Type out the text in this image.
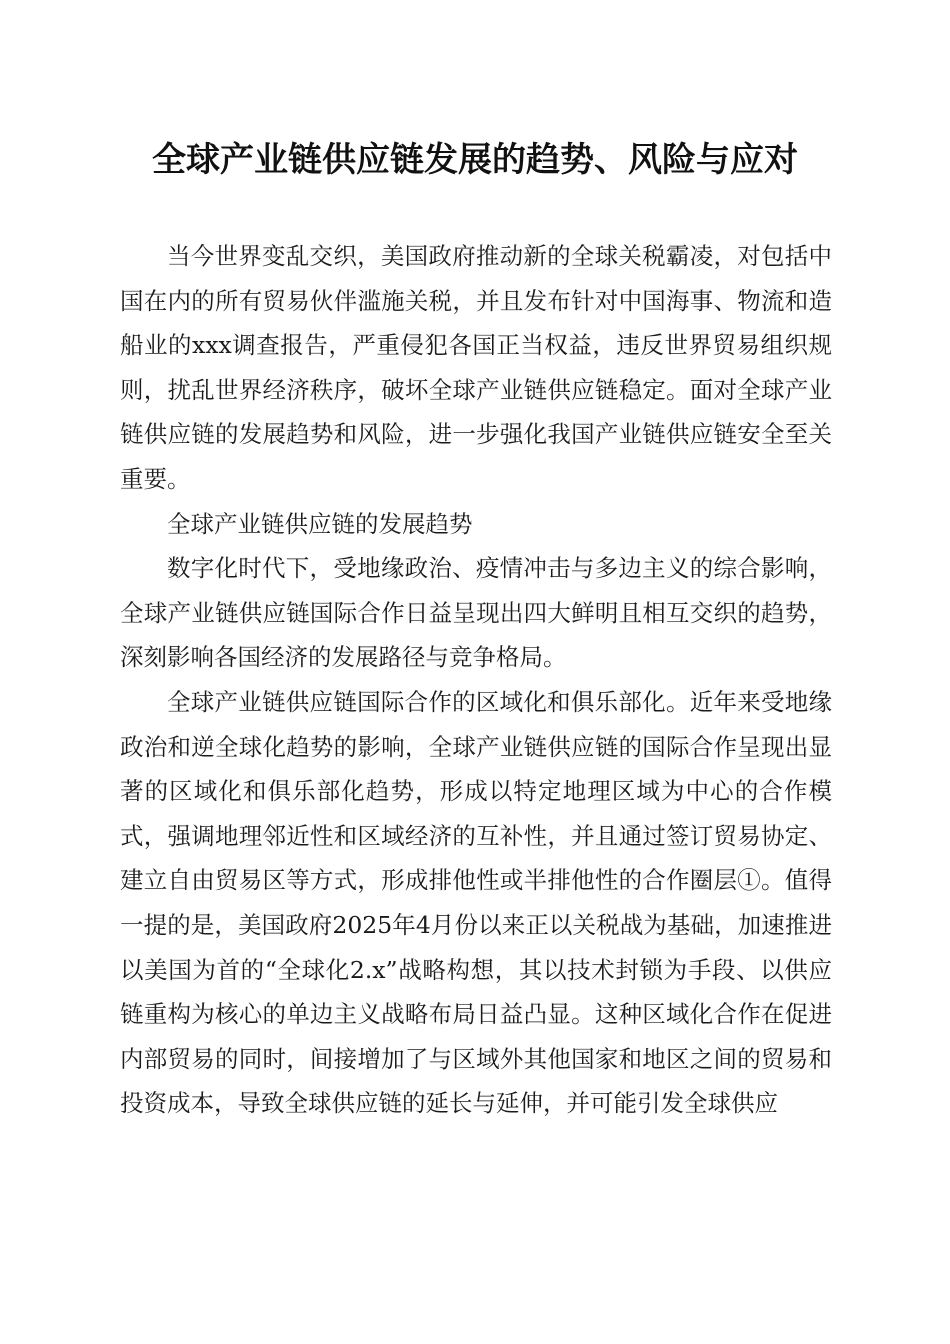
全球产业链供应链发展的趋势、风险与应对

当今世界变乱交织，美国政府推动新的全球关税霸凌，对包括中国在内的所有贸易伙伴滥施关税，并且发布针对中国海事、物流和造船业的xxx调查报告，严重侵犯各国正当权益，违反世界贸易组织规则，扰乱世界经济秩序，破坏全球产业链供应链稳定。面对全球产业链供应链的发展趋势和风险，进一步强化我国产业链供应链安全至关重要。

全球产业链供应链的发展趋势

数字化时代下，受地缘政治、疫情冲击与多边主义的综合影响，全球产业链供应链国际合作日益呈现出四大鲜明且相互交织的趋势，深刻影响各国经济的发展路径与竞争格局。

全球产业链供应链国际合作的区域化和俱乐部化。近年来受地缘政治和逆全球化趋势的影响，全球产业链供应链的国际合作呈现出显著的区域化和俱乐部化趋势，形成以特定地理区域为中心的合作模式，强调地理邻近性和区域经济的互补性，并且通过签订贸易协定、建立自由贸易区等方式，形成排他性或半排他性的合作圈层①。值得一提的是，美国政府2025年4月份以来正以关税战为基础，加速推进以美国为首的“全球化2.x”战略构想，其以技术封锁为手段、以供应链重构为核心的单边主义战略布局日益凸显。这种区域化合作在促进内部贸易的同时，间接增加了与区域外其他国家和地区之间的贸易和投资成本，导致全球供应链的延长与延伸，并可能引发全球供应
